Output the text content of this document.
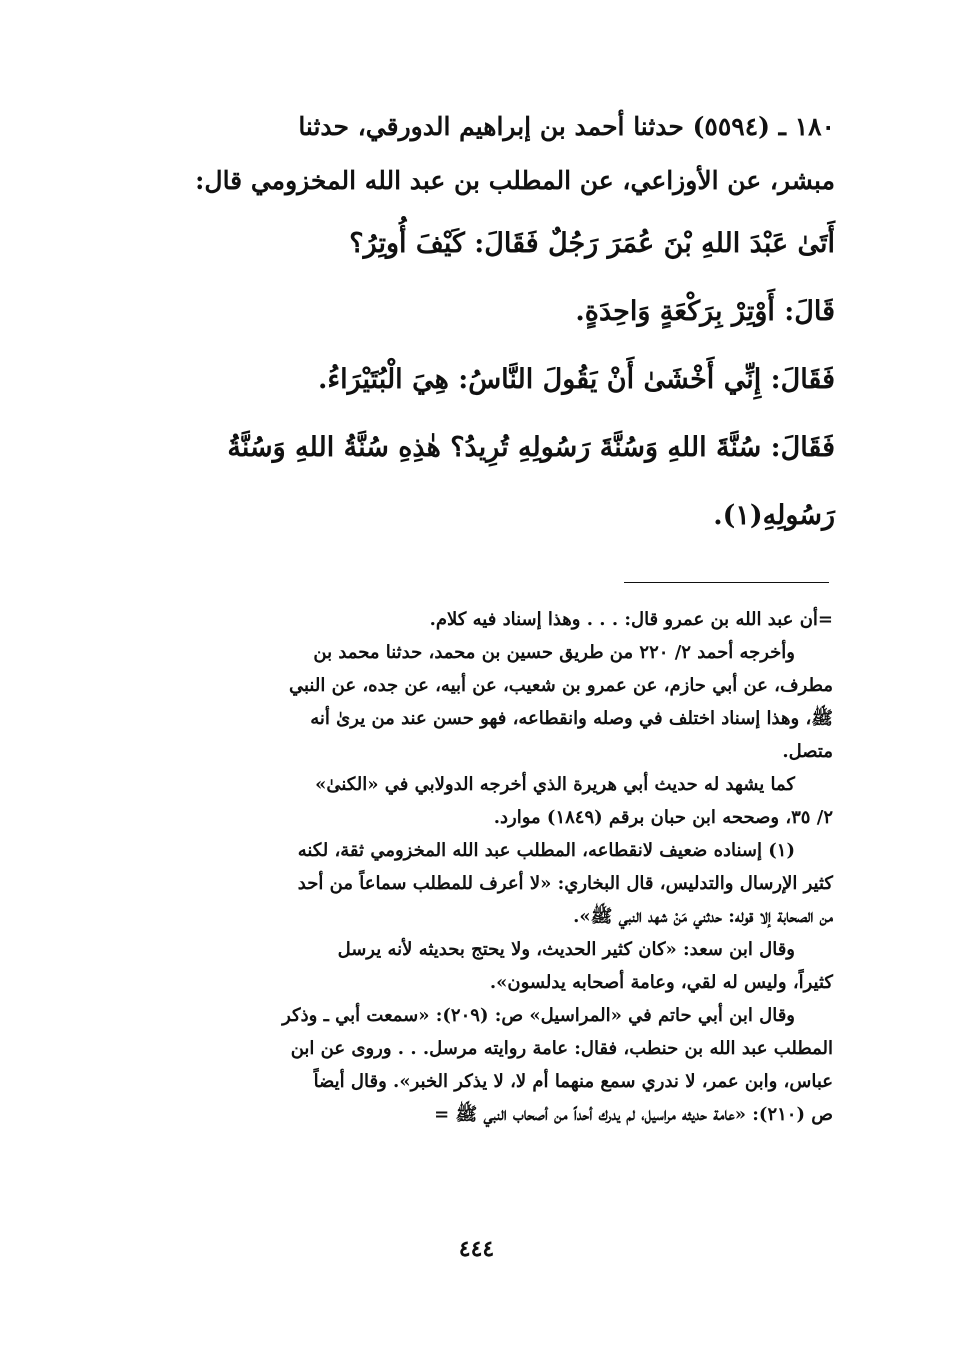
١٨٠ ـ (٥٥٩٤) حدثنا أحمد بن إبراهيم الدورقي، حدثنا
مبشر، عن الأوزاعي، عن المطلب بن عبد الله المخزومي قال:
أَتَىٰ عَبْدَ اللهِ بْنَ عُمَرَ رَجُلٌ فَقَالَ: كَيْفَ أُوتِرُ؟
قَالَ: أَوْتِرْ بِرَكْعَةٍ وَاحِدَةٍ.
فَقَالَ: إِنِّي أَخْشَىٰ أَنْ يَقُولَ النَّاسُ: هِيَ الْبُتَيْرَاءُ.
فَقَالَ: سُنَّةَ اللهِ وَسُنَّةَ رَسُولِهِ تُرِيدُ؟ هٰذِهِ سُنَّةُ اللهِ وَسُنَّةُ
رَسُولِهِ(١).
=أن عبد الله بن عمرو قال: . . . وهذا إسناد فيه كلام.
وأخرجه أحمد ٢/ ٢٢٠ من طريق حسين بن محمد، حدثنا محمد بن
مطرف، عن أبي حازم، عن عمرو بن شعيب، عن أبيه، عن جده، عن النبي
ﷺ، وهذا إسناد اختلف في وصله وانقطاعه، فهو حسن عند من يرىٰ أنه
متصل.
كما يشهد له حديث أبي هريرة الذي أخرجه الدولابي في «الكنىٰ»
٢/ ٣٥، وصححه ابن حبان برقم (١٨٤٩) موارد.
(١) إسناده ضعيف لانقطاعه، المطلب عبد الله المخزومي ثقة، لكنه
كثير الإرسال والتدليس، قال البخاري: «لا أعرف للمطلب سماعاً من أحد
من الصحابة إلا قوله: حدثني مَنْ شهد النبي ﷺ».
وقال ابن سعد: «كان كثير الحديث، ولا يحتج بحديثه لأنه يرسل
كثيراً، وليس له لقي، وعامة أصحابه يدلسون».
وقال ابن أبي حاتم في «المراسيل» ص: (٢٠٩): «سمعت أبي ـ وذكر
المطلب عبد الله بن حنطب، فقال: عامة روايته مرسل. . . وروى عن ابن
عباس، وابن عمر، لا ندري سمع منهما أم لا، لا يذكر الخبر». وقال أيضاً
ص (٢١٠): «عامة حديثه مراسيل، لم يدرك أحداً من أصحاب النبي ﷺ =
٤٤٤
